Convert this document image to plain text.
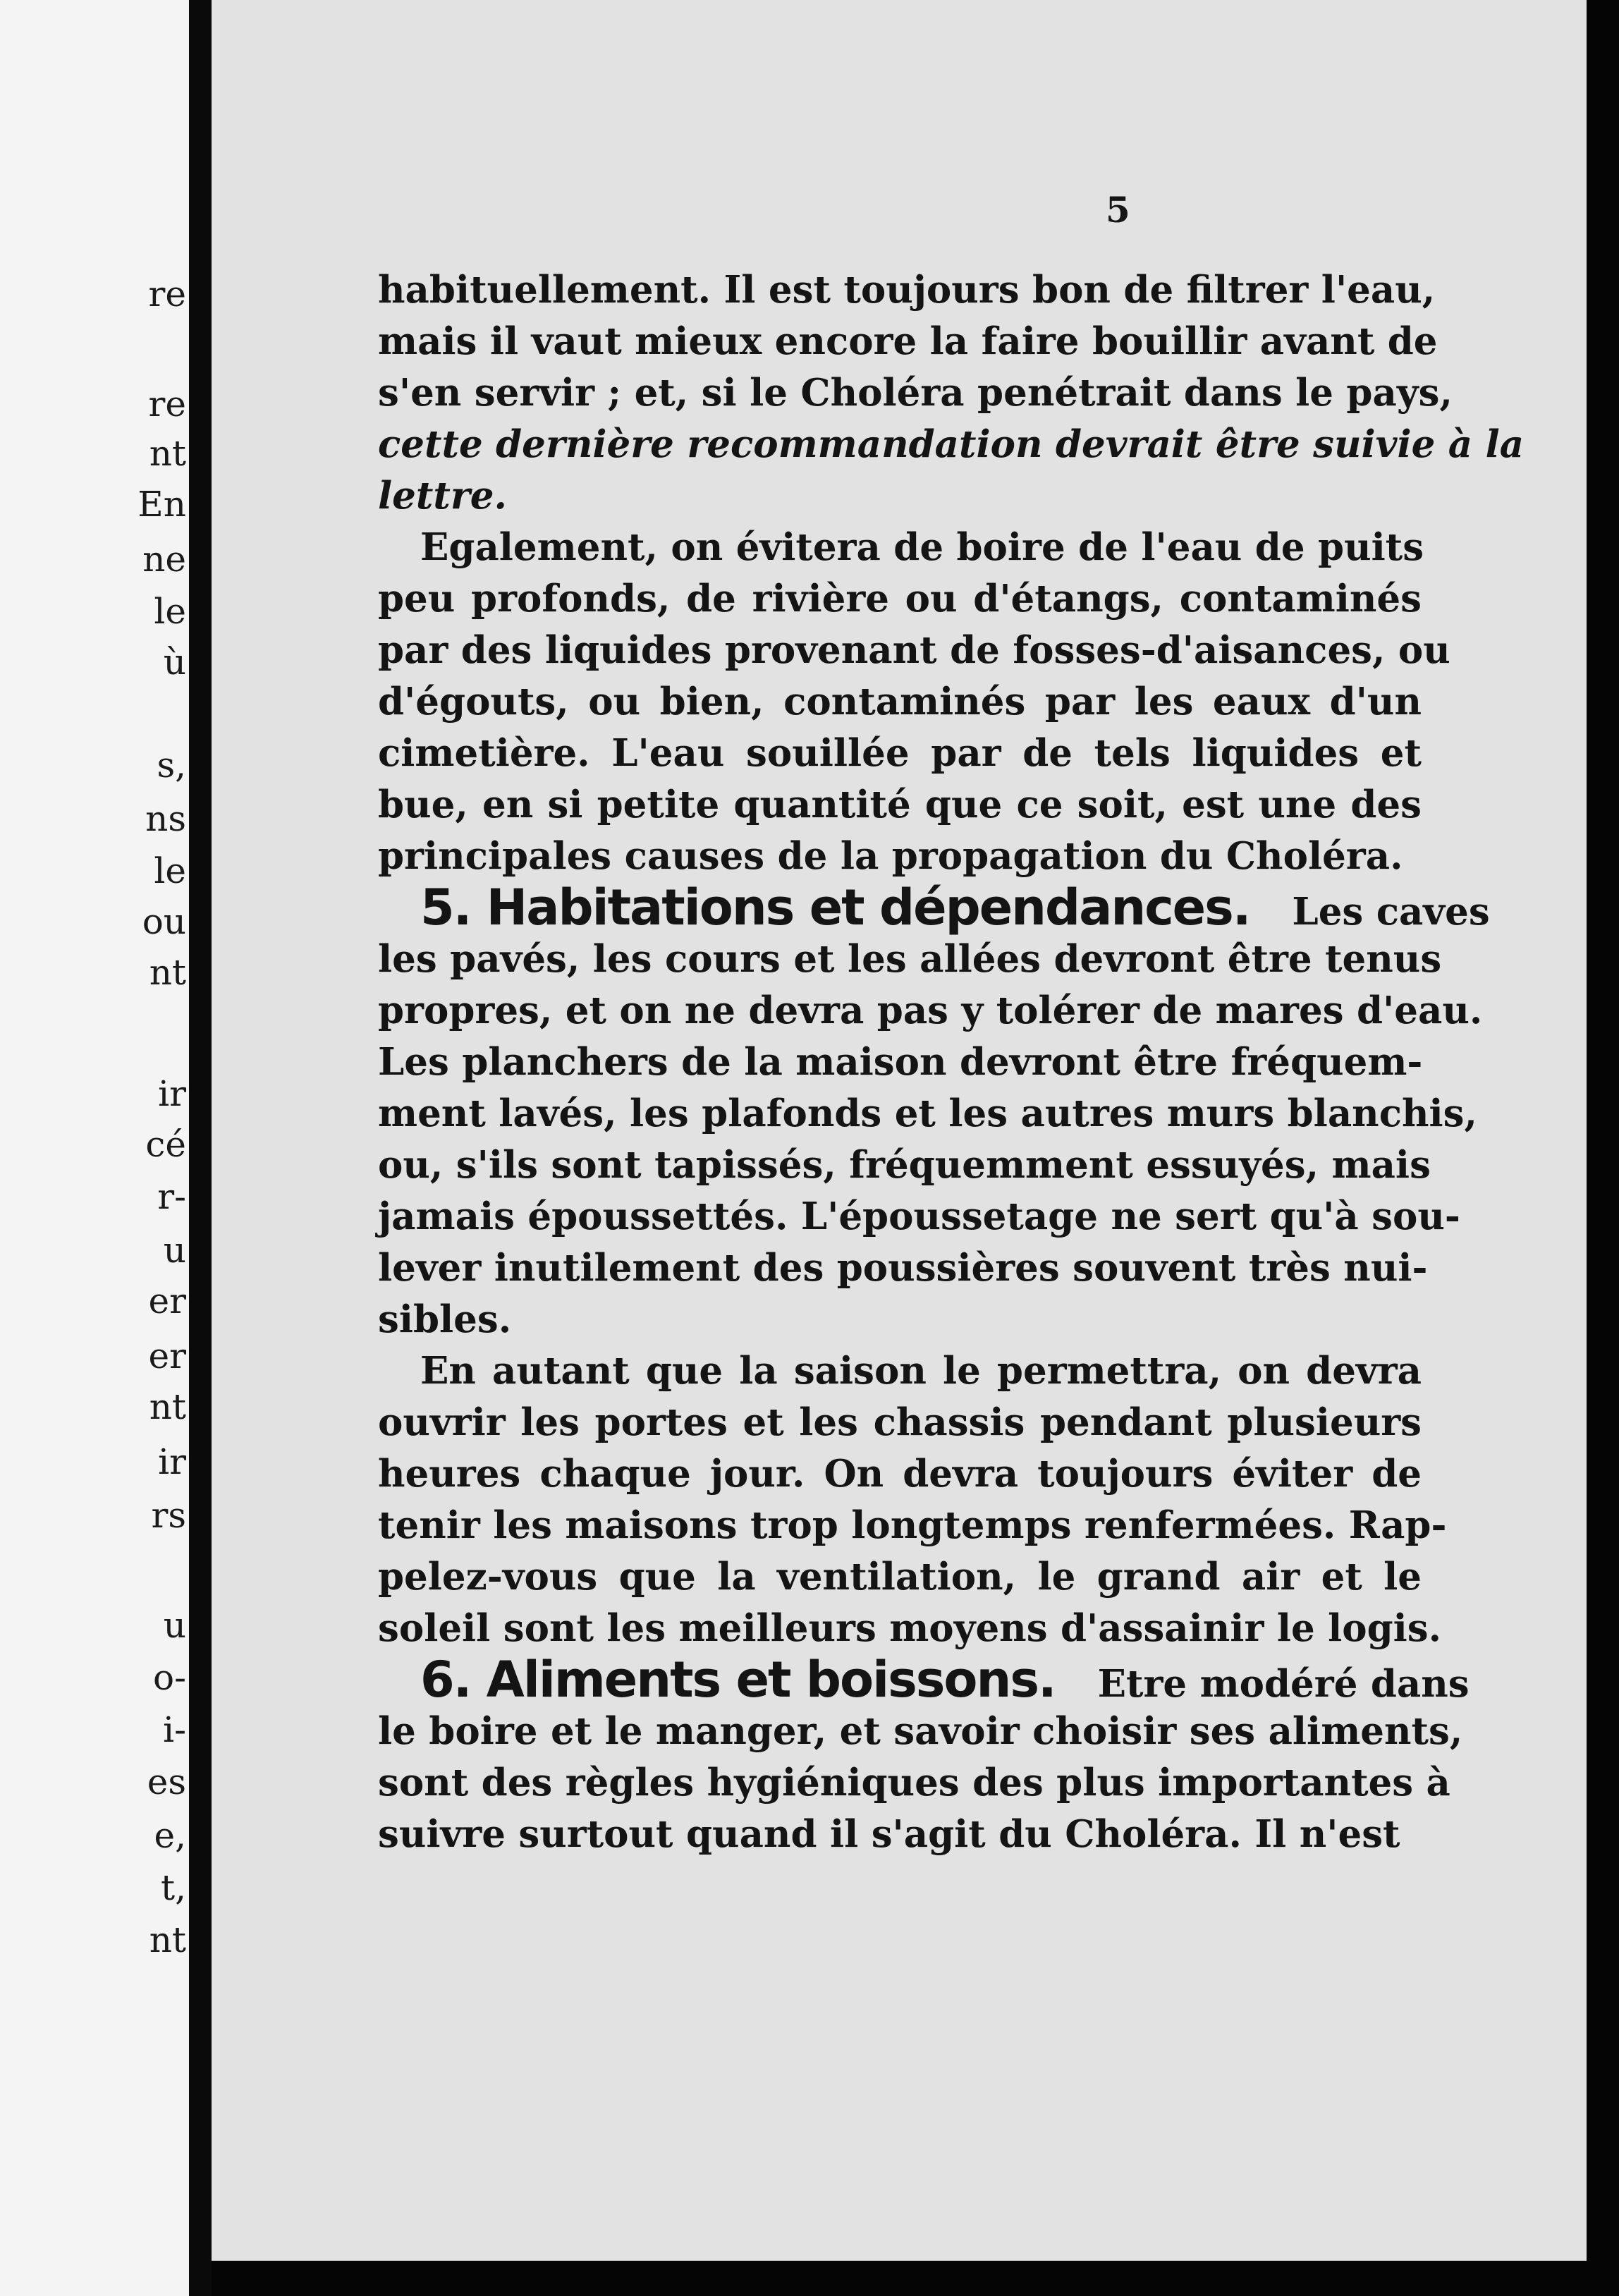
re

re

nt

En

ne

le

ù

s,

ns

le

ou

nt

ir

cé

r-

u

er

er

nt

ir

rs

u

o-

i-

es

e,

t,

nt

5

habituellement. Il est toujours bon de filtrer l'eau,
mais il vaut mieux encore la faire bouillir avant de
s'en servir ; et, si le Choléra penétrait dans le pays,
cette dernière recommandation devrait être suivie à la
lettre.
Egalement, on évitera de boire de l'eau de puits
peu profonds, de rivière ou d'étangs, contaminés
par des liquides provenant de fosses-d'aisances, ou
d'égouts, ou bien, contaminés par les eaux d'un
cimetière. L'eau souillée par de tels liquides et
bue, en si petite quantité que ce soit, est une des
principales causes de la propagation du Choléra.
5. Habitations et dépendances. Les caves
les pavés, les cours et les allées devront être tenus
propres, et on ne devra pas y tolérer de mares d'eau.
Les planchers de la maison devront être fréquem-
ment lavés, les plafonds et les autres murs blanchis,
ou, s'ils sont tapissés, fréquemment essuyés, mais
jamais époussettés. L'époussetage ne sert qu'à sou-
lever inutilement des poussières souvent très nui-
sibles.
En autant que la saison le permettra, on devra
ouvrir les portes et les chassis pendant plusieurs
heures chaque jour. On devra toujours éviter de
tenir les maisons trop longtemps renfermées. Rap-
pelez-vous que la ventilation, le grand air et le
soleil sont les meilleurs moyens d'assainir le logis.
6. Aliments et boissons. Etre modéré dans
le boire et le manger, et savoir choisir ses aliments,
sont des règles hygiéniques des plus importantes à
suivre surtout quand il s'agit du Choléra. Il n'est
